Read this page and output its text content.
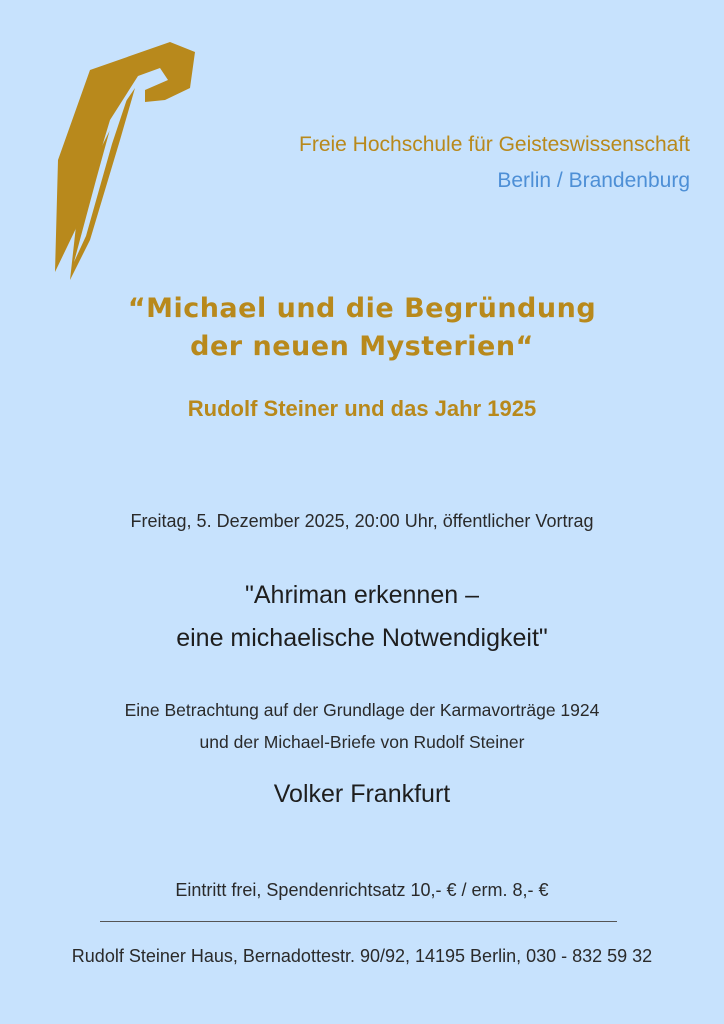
Freie Hochschule für Geisteswissenschaft
Berlin / Brandenburg
“Michael und die Begründung
der neuen Mysterien“
Rudolf Steiner und das Jahr 1925
Freitag, 5. Dezember 2025, 20:00 Uhr, öffentlicher Vortrag
"Ahriman erkennen –
eine michaelische Notwendigkeit"
Eine Betrachtung auf der Grundlage der Karmavorträge 1924
und der Michael-Briefe von Rudolf Steiner
Volker Frankfurt
Eintritt frei, Spendenrichtsatz 10,- € / erm. 8,- €
Rudolf Steiner Haus, Bernadottestr. 90/92, 14195 Berlin, 030 - 832 59 32
